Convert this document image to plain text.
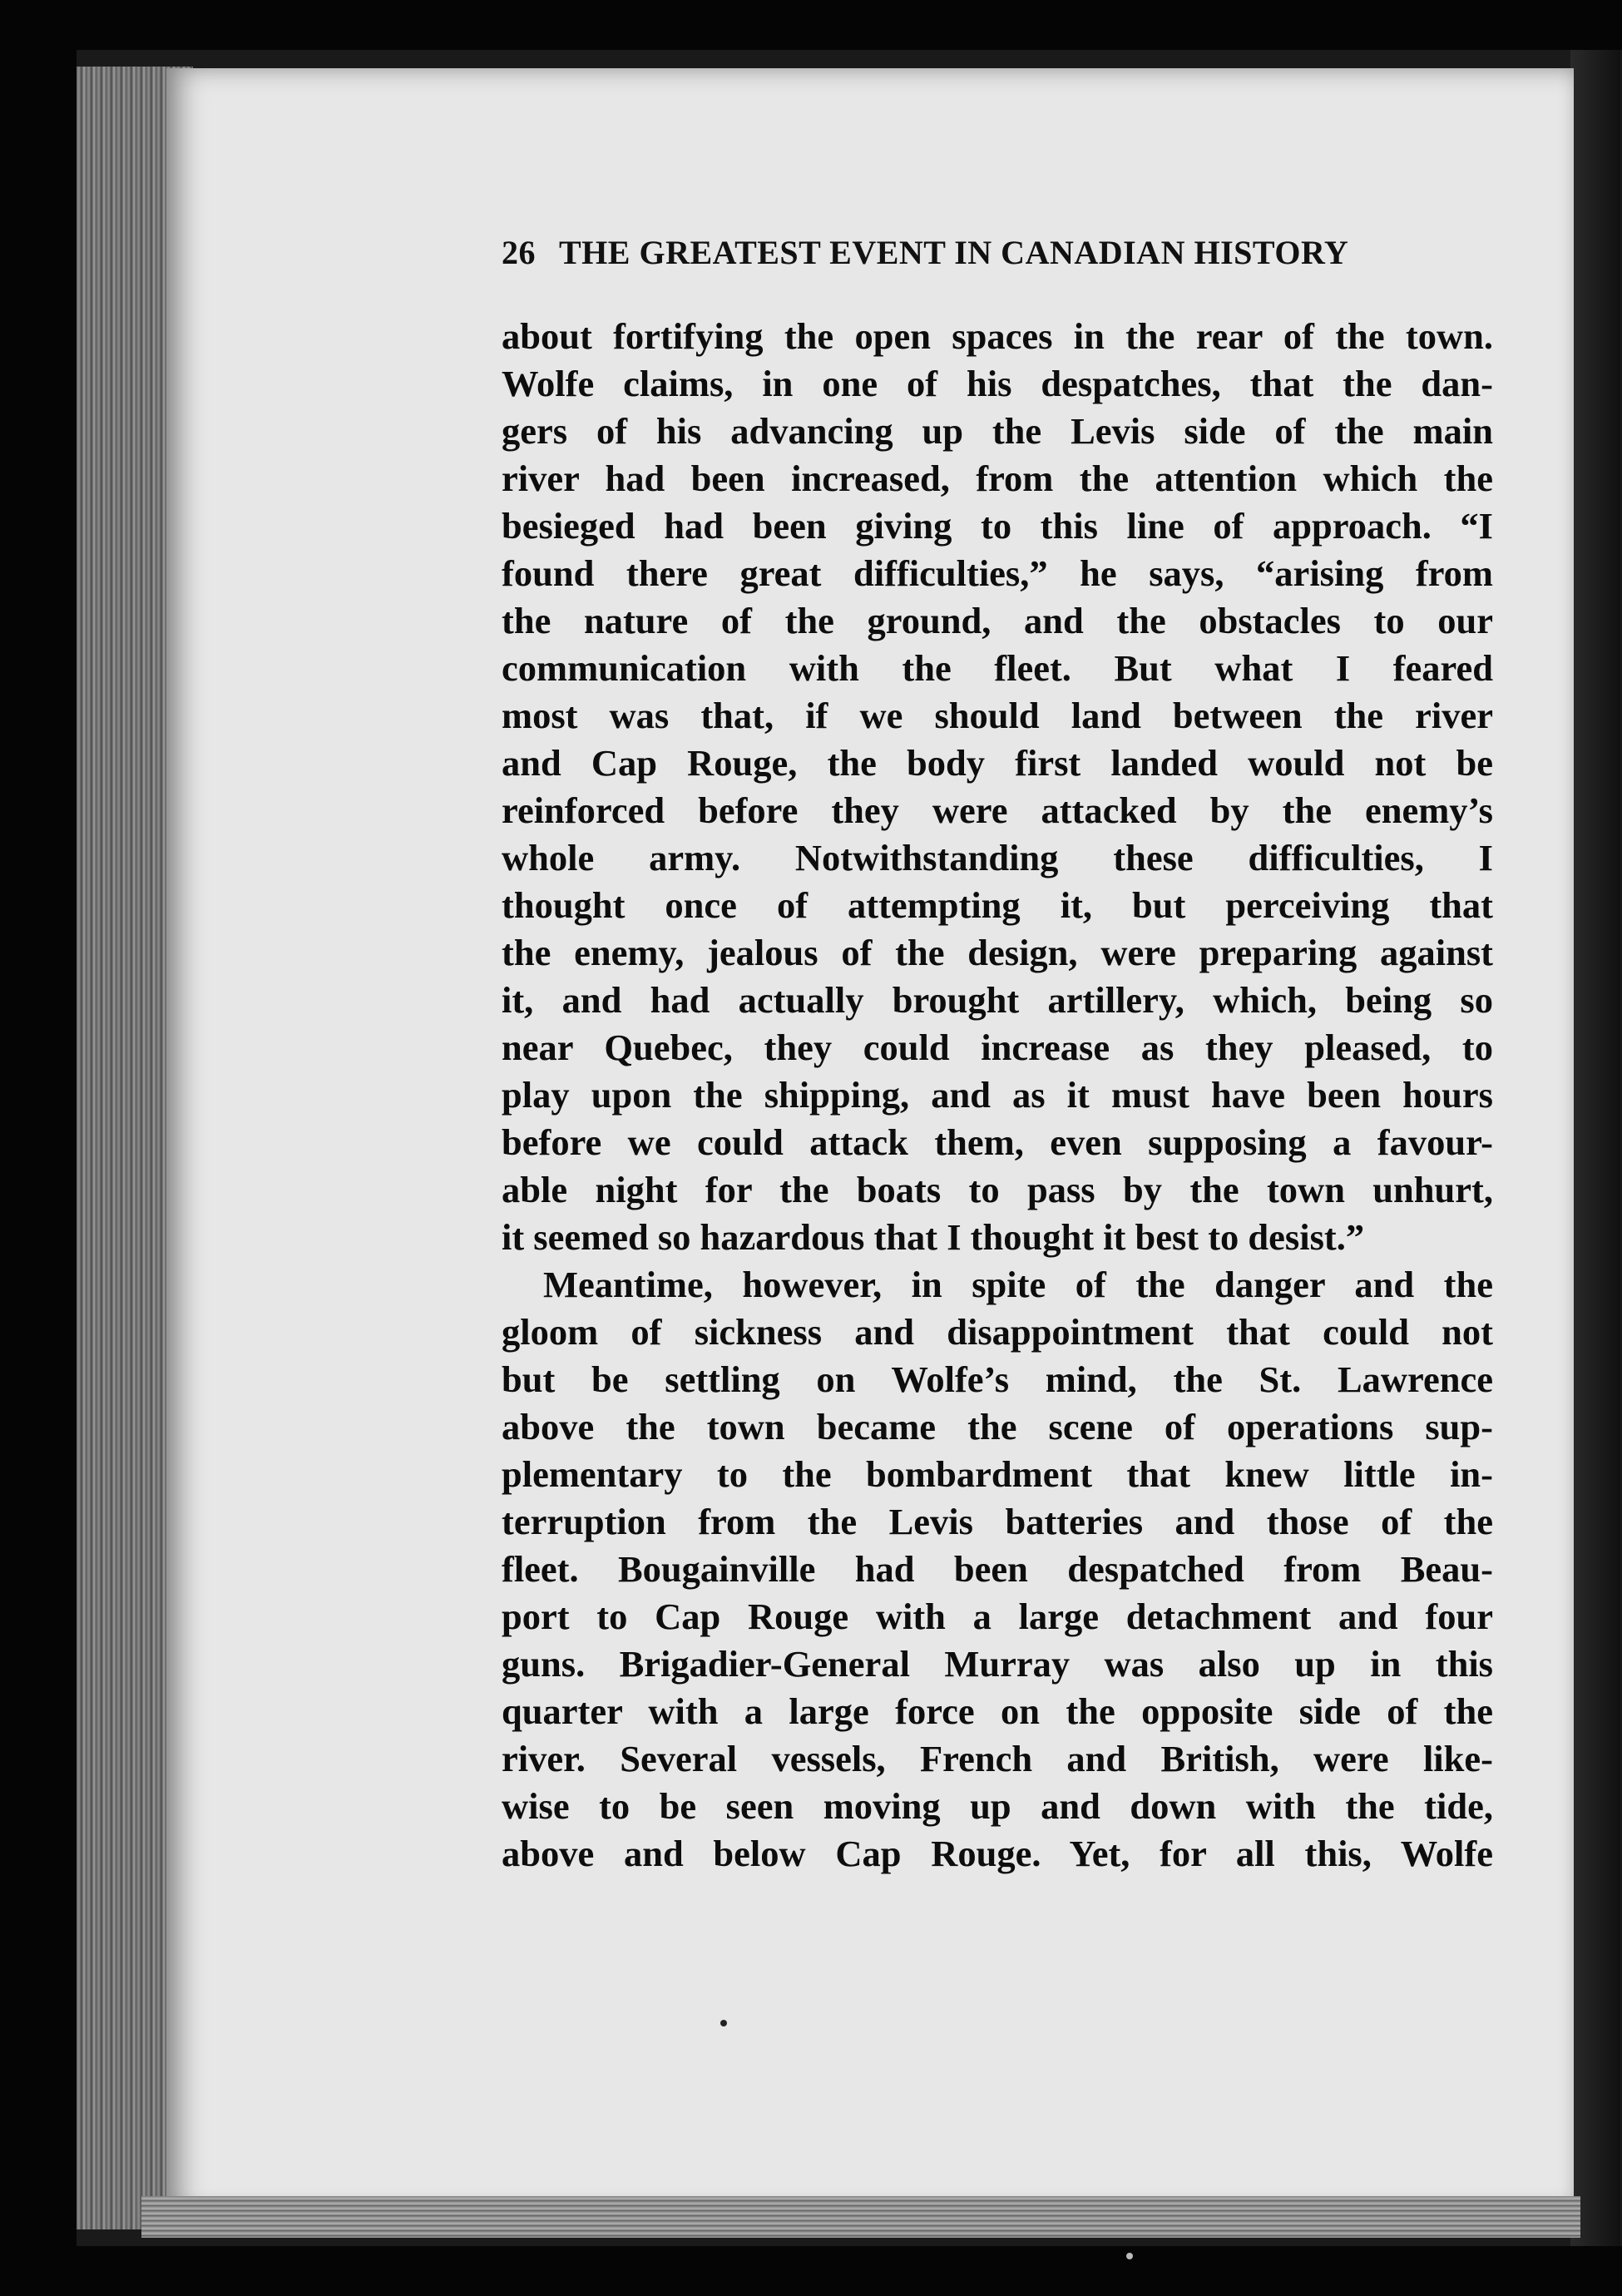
26 THE GREATEST EVENT IN CANADIAN HISTORY
about fortifying the open spaces in the rear of the town.
Wolfe claims, in one of his despatches, that the dan-
gers of his advancing up the Levis side of the main
river had been increased, from the attention which the
besieged had been giving to this line of approach. “I
found there great difficulties,” he says, “arising from
the nature of the ground, and the obstacles to our
communication with the fleet. But what I feared
most was that, if we should land between the river
and Cap Rouge, the body first landed would not be
reinforced before they were attacked by the enemy’s
whole army. Notwithstanding these difficulties, I
thought once of attempting it, but perceiving that
the enemy, jealous of the design, were preparing against
it, and had actually brought artillery, which, being so
near Quebec, they could increase as they pleased, to
play upon the shipping, and as it must have been hours
before we could attack them, even supposing a favour-
able night for the boats to pass by the town unhurt,
it seemed so hazardous that I thought it best to desist.”
Meantime, however, in spite of the danger and the
gloom of sickness and disappointment that could not
but be settling on Wolfe’s mind, the St. Lawrence
above the town became the scene of operations sup-
plementary to the bombardment that knew little in-
terruption from the Levis batteries and those of the
fleet. Bougainville had been despatched from Beau-
port to Cap Rouge with a large detachment and four
guns. Brigadier-General Murray was also up in this
quarter with a large force on the opposite side of the
river. Several vessels, French and British, were like-
wise to be seen moving up and down with the tide,
above and below Cap Rouge. Yet, for all this, Wolfe
